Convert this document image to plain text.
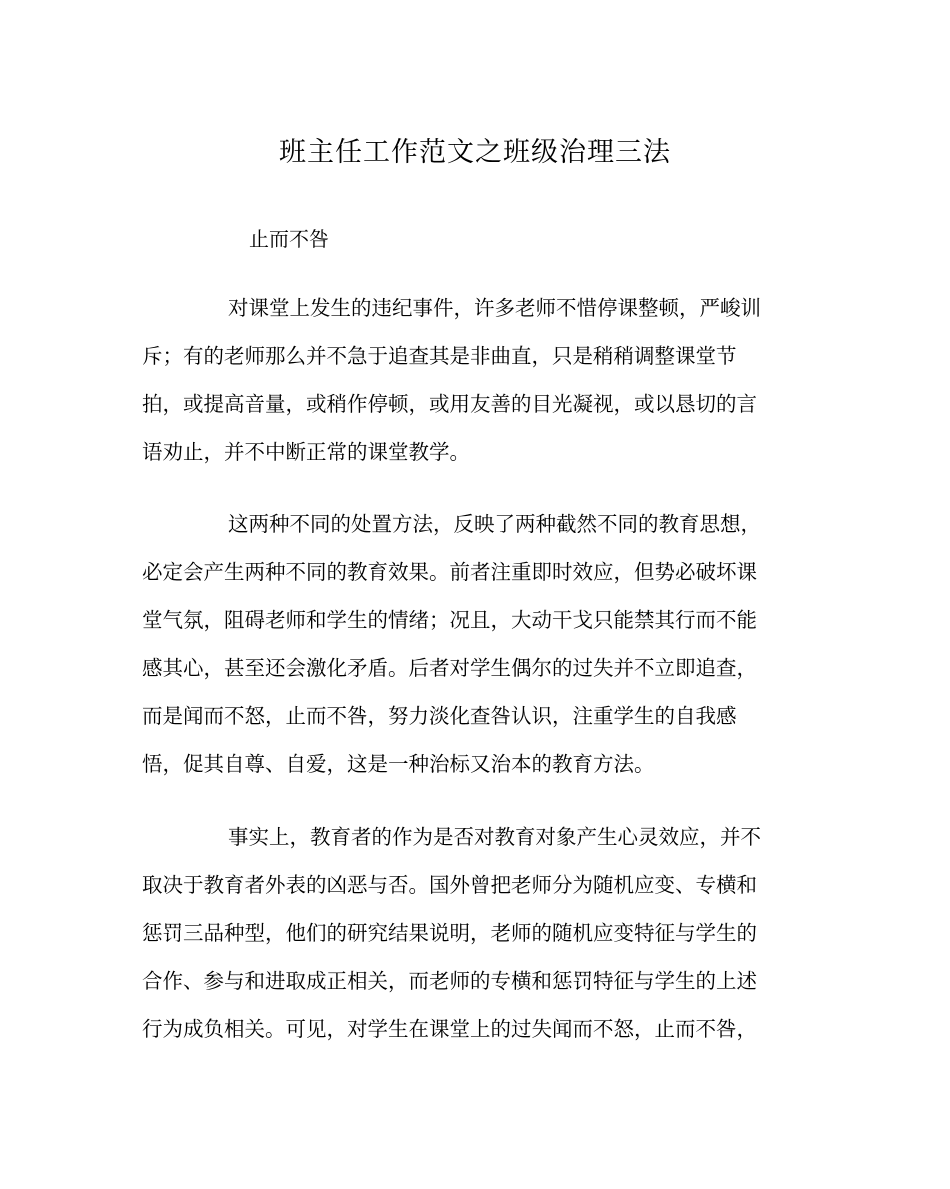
班主任工作范文之班级治理三法
止而不咎
对课堂上发生的违纪事件，许多老师不惜停课整顿，严峻训
斥；有的老师那么并不急于追查其是非曲直，只是稍稍调整课堂节
拍，或提高音量，或稍作停顿，或用友善的目光凝视，或以恳切的言
语劝止，并不中断正常的课堂教学。
这两种不同的处置方法，反映了两种截然不同的教育思想，
必定会产生两种不同的教育效果。前者注重即时效应，但势必破坏课
堂气氛，阻碍老师和学生的情绪；况且，大动干戈只能禁其行而不能
感其心，甚至还会激化矛盾。后者对学生偶尔的过失并不立即追查，
而是闻而不怒，止而不咎，努力淡化查咎认识，注重学生的自我感
悟，促其自尊、自爱，这是一种治标又治本的教育方法。
事实上，教育者的作为是否对教育对象产生心灵效应，并不
取决于教育者外表的凶恶与否。国外曾把老师分为随机应变、专横和
惩罚三品种型，他们的研究结果说明，老师的随机应变特征与学生的
合作、参与和进取成正相关，而老师的专横和惩罚特征与学生的上述
行为成负相关。可见，对学生在课堂上的过失闻而不怒，止而不咎，
